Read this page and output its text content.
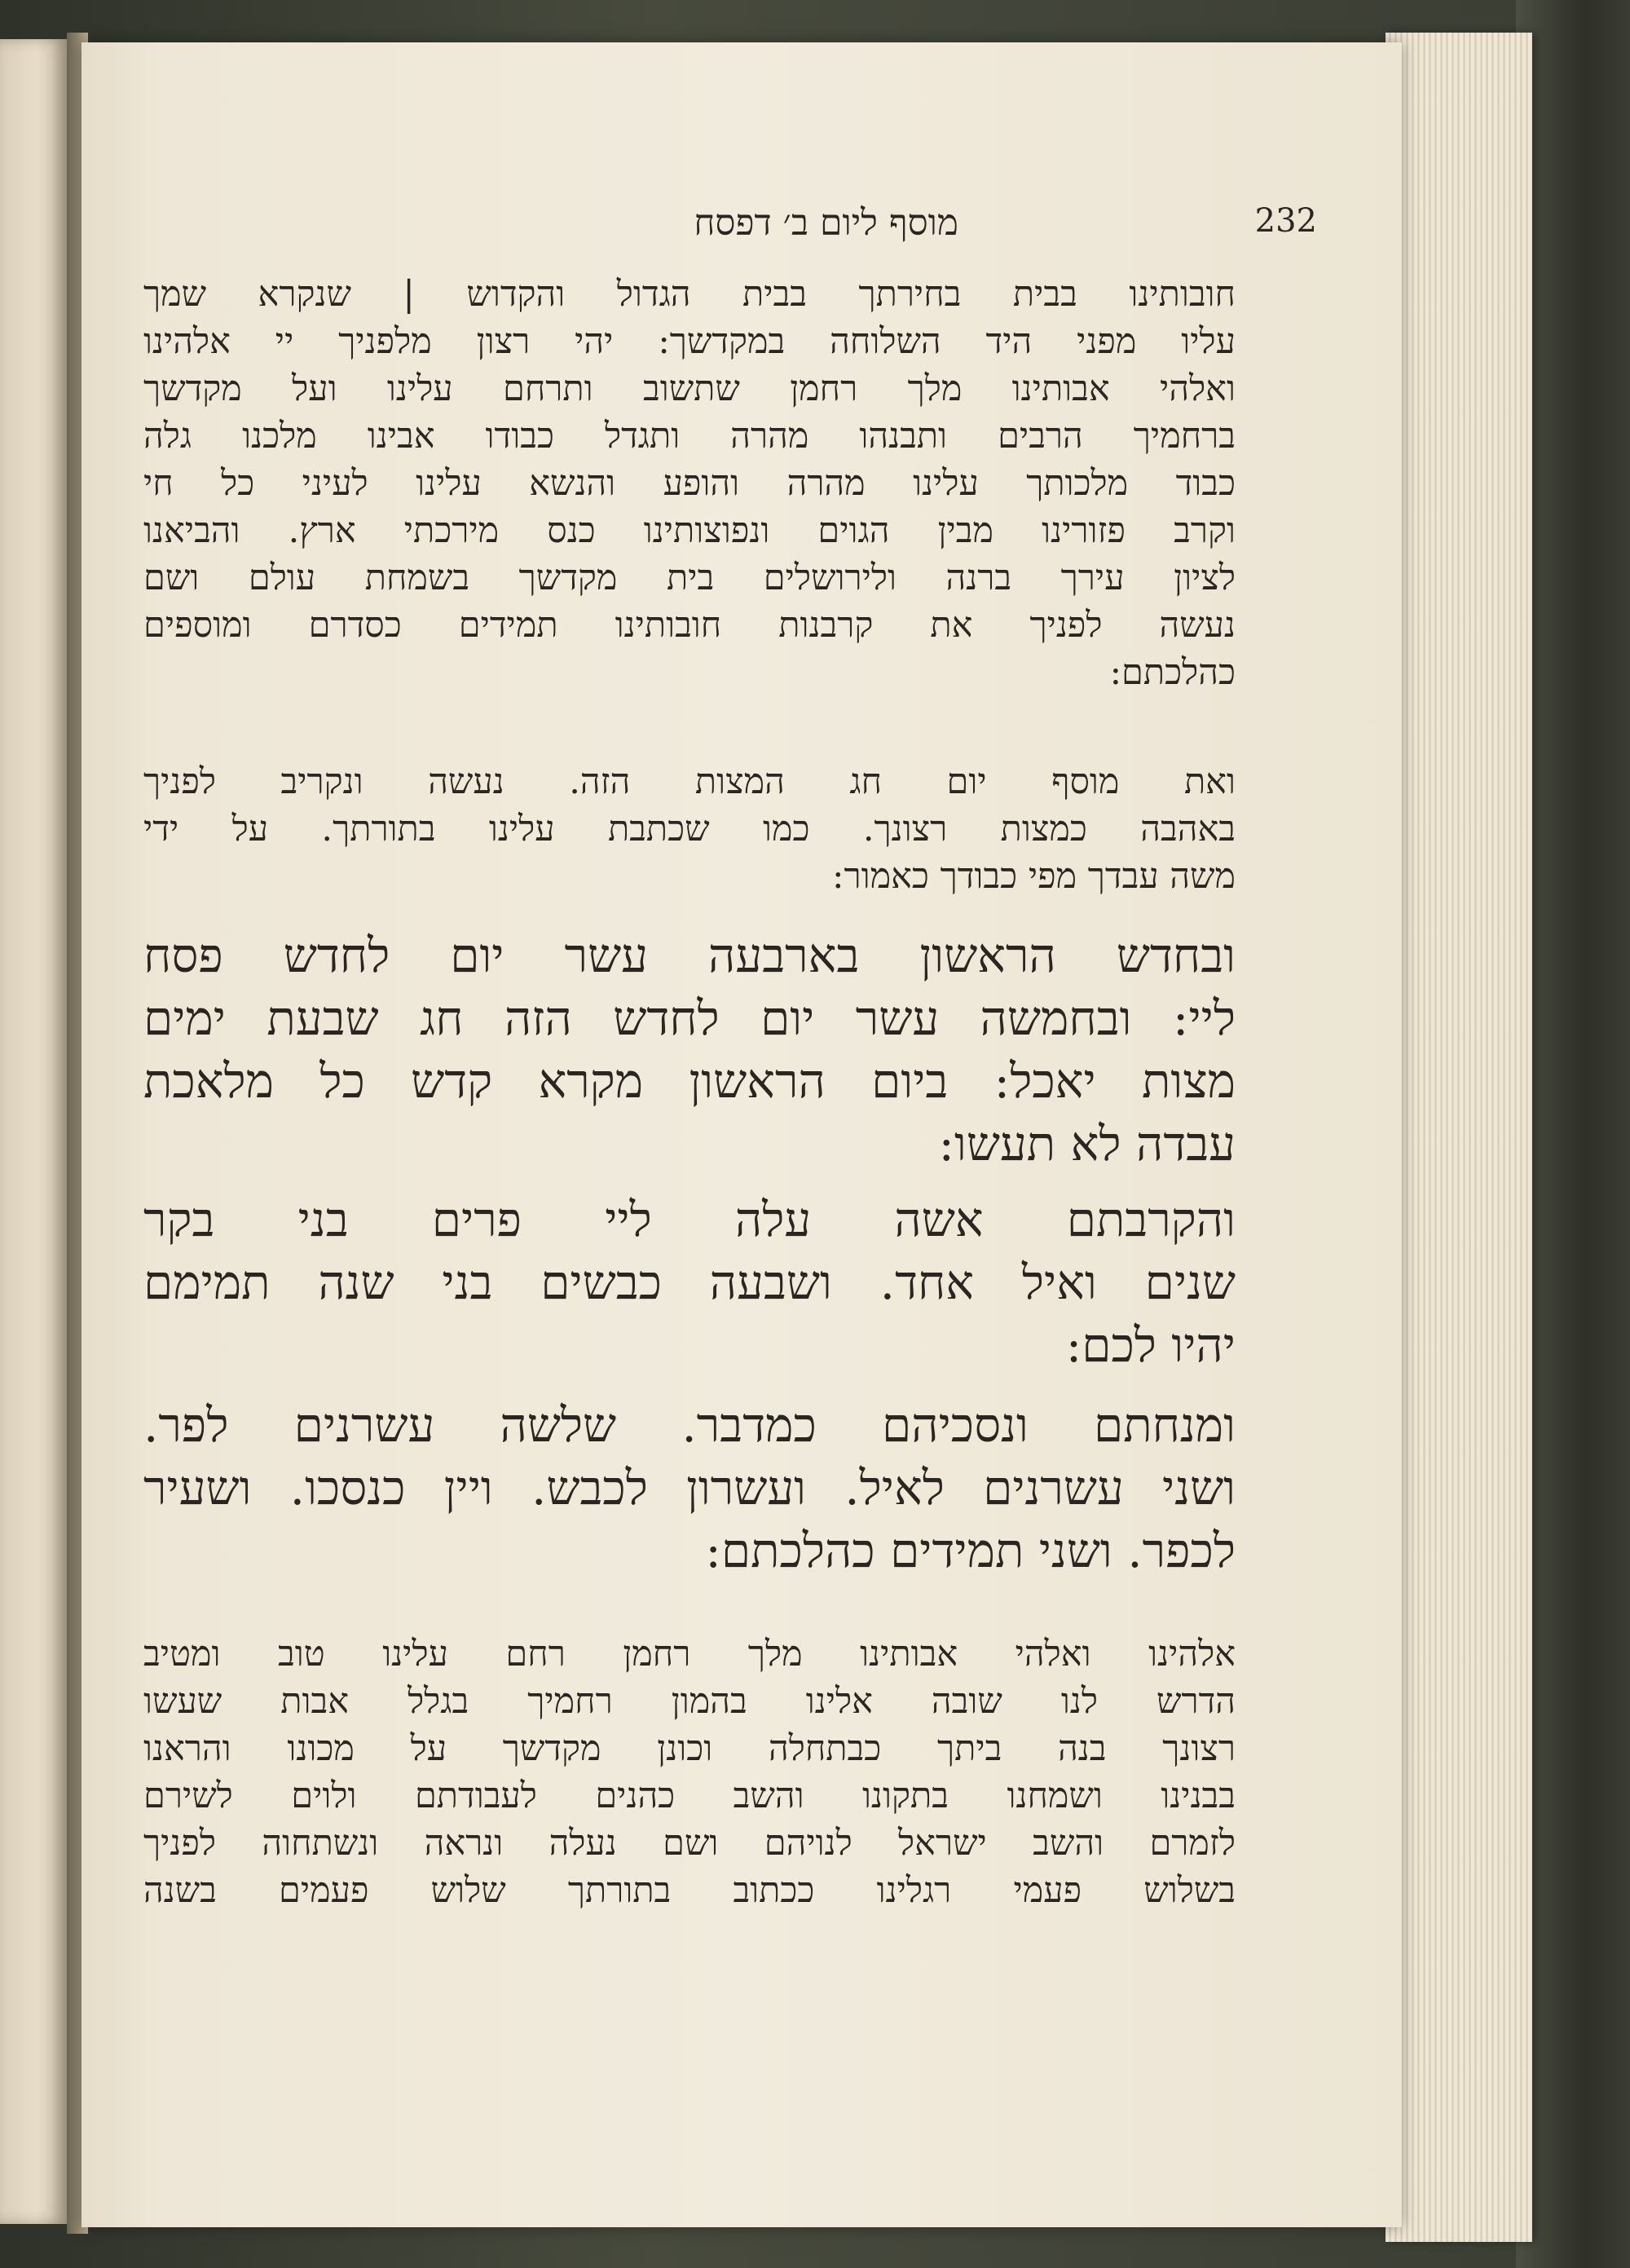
מוסף ליום ב׳ דפסח	232
חובותינו בבית בחירתך בבית הגדול והקדוש | שנקרא שמך
עליו מפני היד השלוחה במקדשך: יהי רצון מלפניך יי אלהינו
ואלהי אבותינו מלך רחמן שתשוב ותרחם עלינו ועל מקדשך
ברחמיך הרבים ותבנהו מהרה ותגדל כבודו אבינו מלכנו גלה
כבוד מלכותך עלינו מהרה והופע והנשא עלינו לעיני כל חי
וקרב פזורינו מבין הגוים ונפוצותינו כנס מירכתי ארץ. והביאנו
לציון עירך ברנה ולירושלים בית מקדשך בשמחת עולם ושם
נעשה לפניך את קרבנות חובותינו תמידים כסדרם ומוספים
כהלכתם:
ואת מוסף יום חג המצות הזה. נעשה ונקריב לפניך
באהבה כמצות רצונך. כמו שכתבת עלינו בתורתך. על ידי
משה עבדך מפי כבודך כאמור:
ובחדש הראשון בארבעה עשר יום לחדש פסח
ליי: ובחמשה עשר יום לחדש הזה חג שבעת ימים
מצות יאכל: ביום הראשון מקרא קדש כל מלאכת
עבדה לא תעשו:
והקרבתם אשה עלה ליי פרים בני בקר
שנים ואיל אחד. ושבעה כבשים בני שנה תמימם
יהיו לכם:
ומנחתם ונסכיהם כמדבר. שלשה עשרנים לפר.
ושני עשרנים לאיל. ועשרון לכבש. ויין כנסכו. ושעיר
לכפר. ושני תמידים כהלכתם:
אלהינו ואלהי אבותינו מלך רחמן רחם עלינו טוב ומטיב
הדרש לנו שובה אלינו בהמון רחמיך בגלל אבות שעשו
רצונך בנה ביתך כבתחלה וכונן מקדשך על מכונו והראנו
בבנינו ושמחנו בתקונו והשב כהנים לעבודתם ולוים לשירם
לזמרם והשב ישראל לנויהם ושם נעלה ונראה ונשתחוה לפניך
בשלוש פעמי רגלינו ככתוב בתורתך שלוש פעמים בשנה
